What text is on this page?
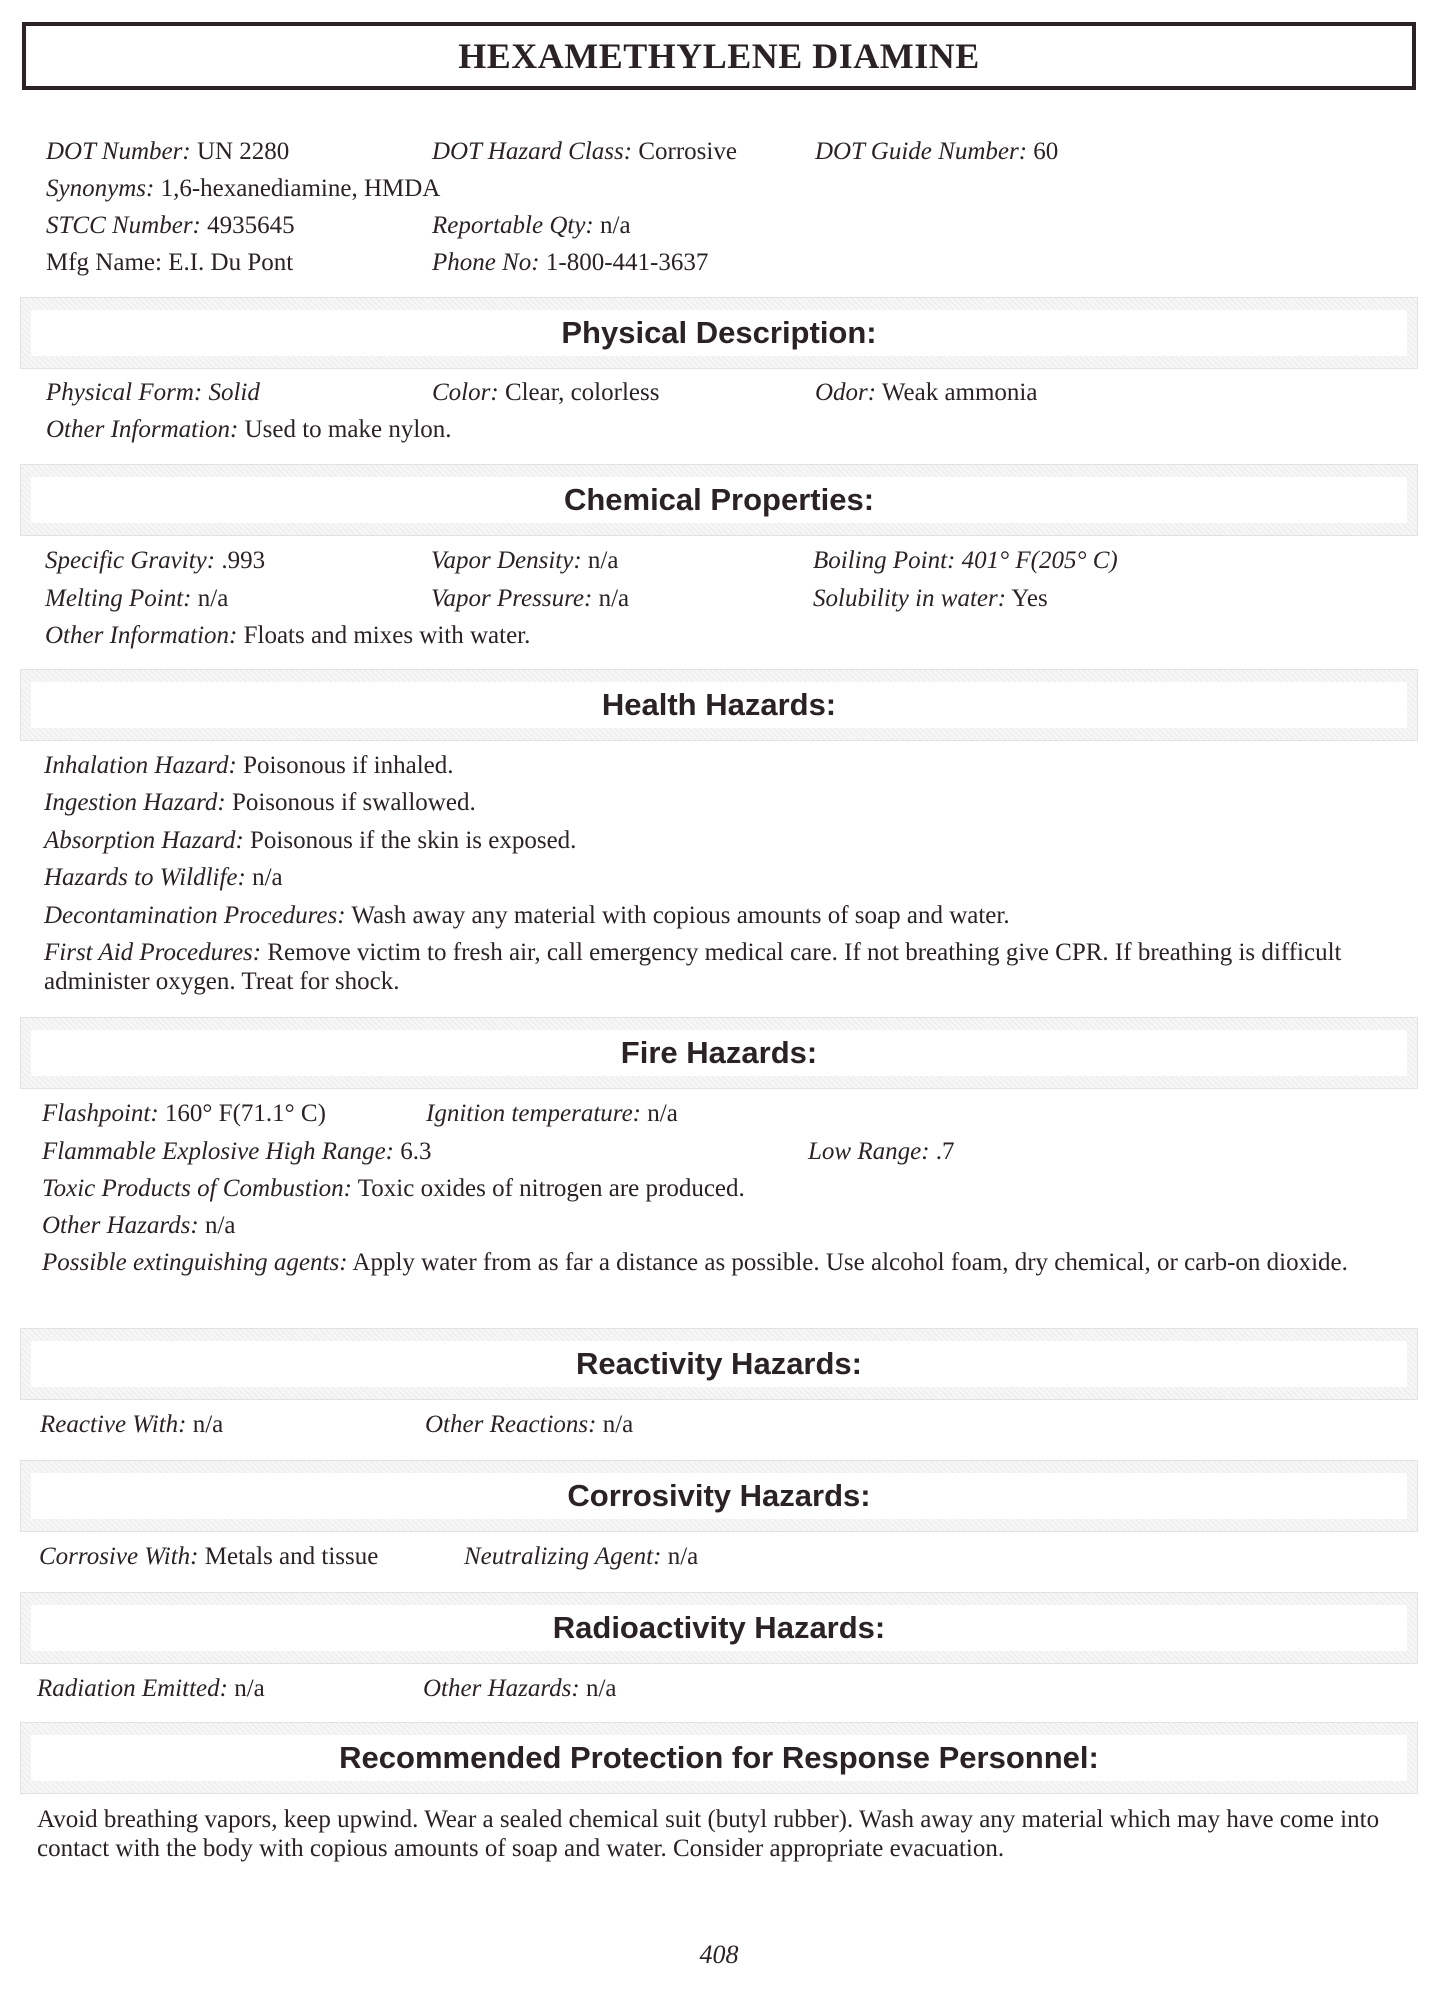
HEXAMETHYLENE DIAMINE
DOT Number: UN 2280	DOT Hazard Class: Corrosive	DOT Guide Number: 60
Synonyms: 1,6-hexanediamine, HMDA
STCC Number: 4935645	Reportable Qty: n/a
Mfg Name: E.I. Du Pont	Phone No: 1-800-441-3637
Physical Description:
Physical Form: Solid	Color: Clear, colorless	Odor: Weak ammonia
Other Information: Used to make nylon.
Chemical Properties:
Specific Gravity: .993	Vapor Density: n/a	Boiling Point: 401° F(205° C)
Melting Point: n/a	Vapor Pressure: n/a	Solubility in water: Yes
Other Information: Floats and mixes with water.
Health Hazards:
Inhalation Hazard: Poisonous if inhaled.
Ingestion Hazard: Poisonous if swallowed.
Absorption Hazard: Poisonous if the skin is exposed.
Hazards to Wildlife: n/a
Decontamination Procedures: Wash away any material with copious amounts of soap and water.
First Aid Procedures: Remove victim to fresh air, call emergency medical care. If not breathing give CPR. If breathing is difficult administer oxygen. Treat for shock.
Fire Hazards:
Flashpoint: 160° F(71.1° C)	Ignition temperature: n/a
Flammable Explosive High Range: 6.3	Low Range: .7
Toxic Products of Combustion: Toxic oxides of nitrogen are produced.
Other Hazards: n/a
Possible extinguishing agents: Apply water from as far a distance as possible. Use alcohol foam, dry chemical, or carb-on dioxide.
Reactivity Hazards:
Reactive With: n/a	Other Reactions: n/a
Corrosivity Hazards:
Corrosive With: Metals and tissue	Neutralizing Agent: n/a
Radioactivity Hazards:
Radiation Emitted: n/a	Other Hazards: n/a
Recommended Protection for Response Personnel:
Avoid breathing vapors, keep upwind. Wear a sealed chemical suit (butyl rubber). Wash away any material which may have come into contact with the body with copious amounts of soap and water. Consider appropriate evacuation.
408
